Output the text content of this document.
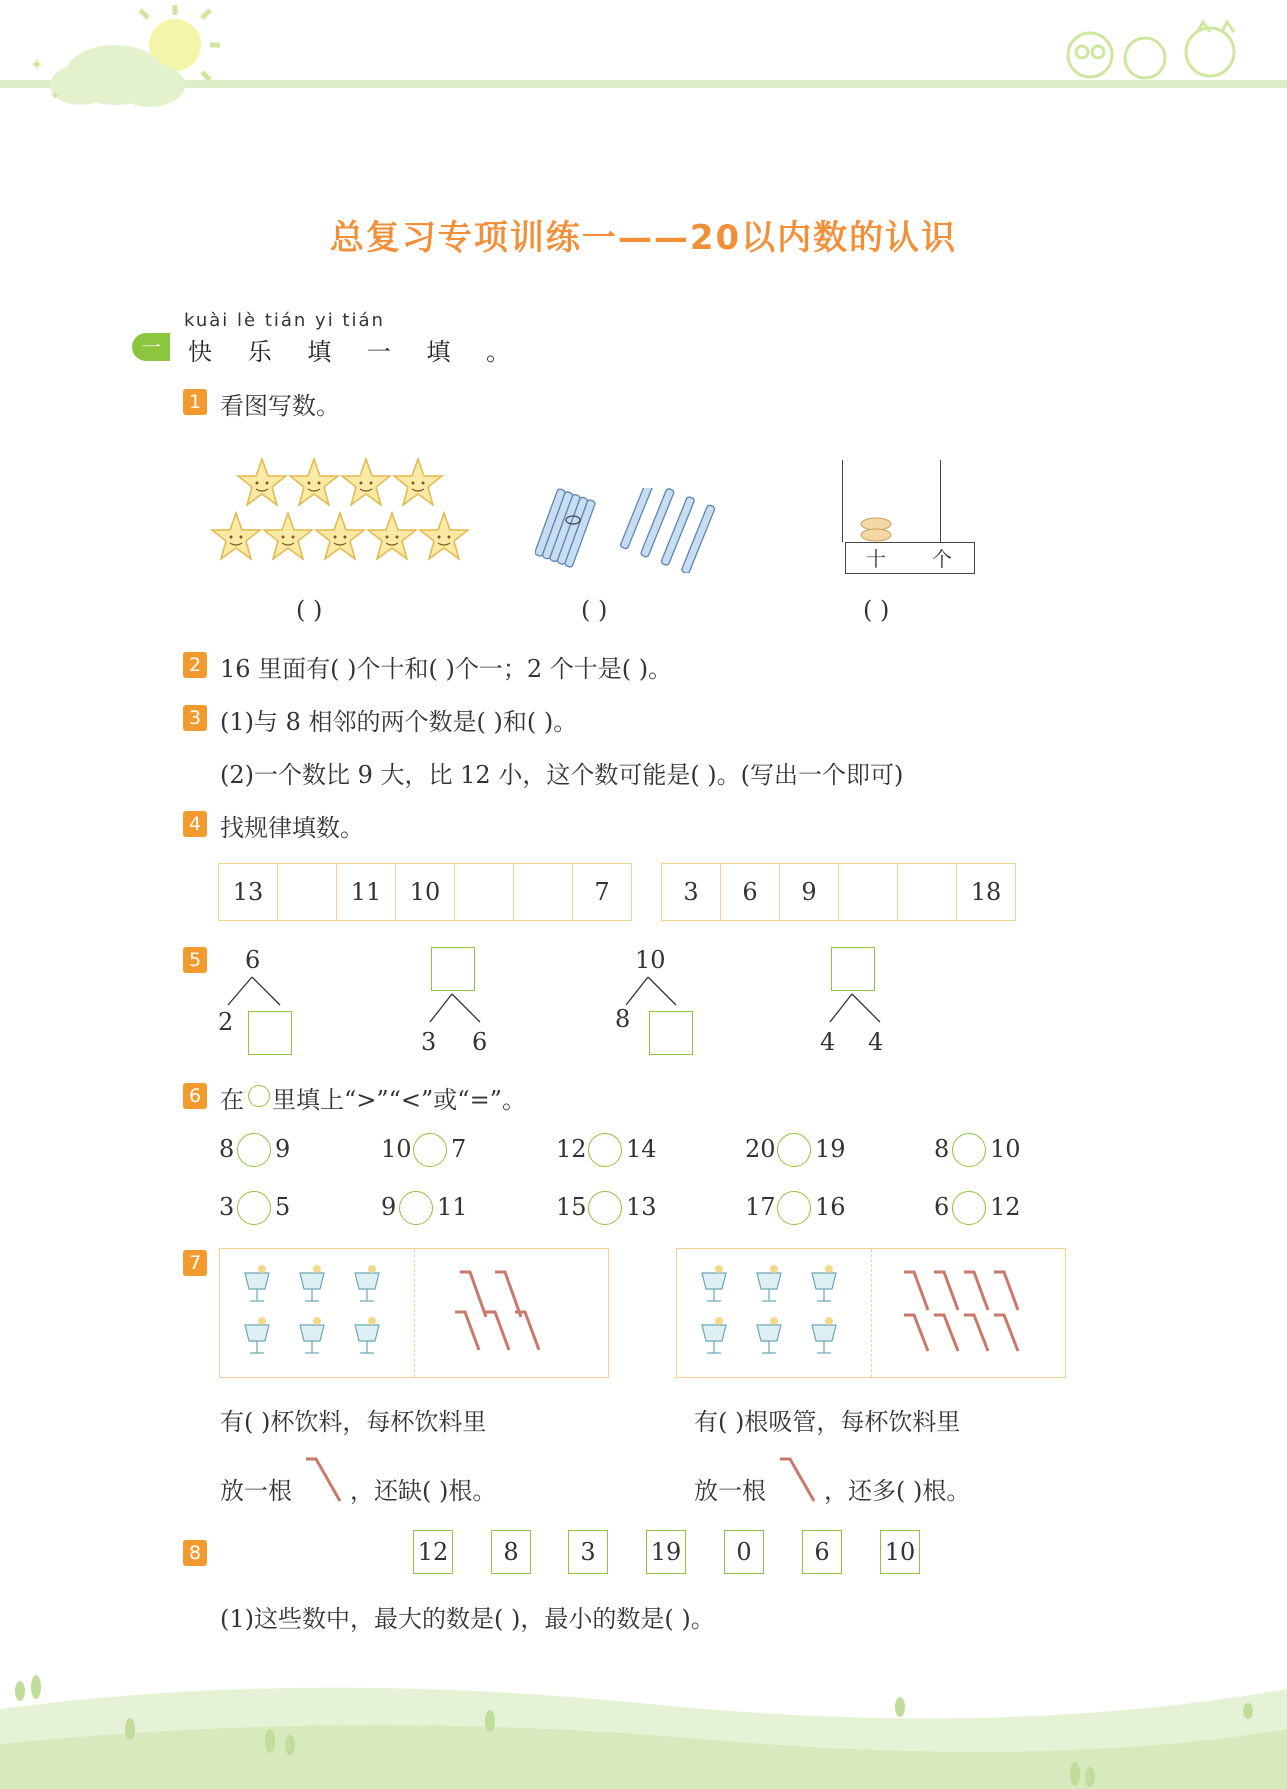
✦
✦
总复习专项训练一——20以内数的认识
一
kuài lè tián yi tián
快 乐 填 一 填 。
1 看图写数。
十 个
( )	( )	( )
2 16 里面有( )个十和( )个一；2 个十是( )。
3 (1)与 8 相邻的两个数是( )和( )。
(2)一个数比 9 大，比 12 小，这个数可能是( )。(写出一个即可)
4 找规律填数。
13	11	10	7	3	6	9	18
5 6
2
3 6
10
8
4 4
6 在 里填上“>”“<”或“=”。
8 9	10 7	12 14	20 19	8 10
3 5	9 11	15 13	17 16	6 12
7
有( )杯饮料，每杯饮料里
放一根 ，还缺( )根。
有( )根吸管，每杯饮料里
放一根 ，还多( )根。
8	12	8	3	19	0	6	10
(1)这些数中，最大的数是( )，最小的数是( )。
